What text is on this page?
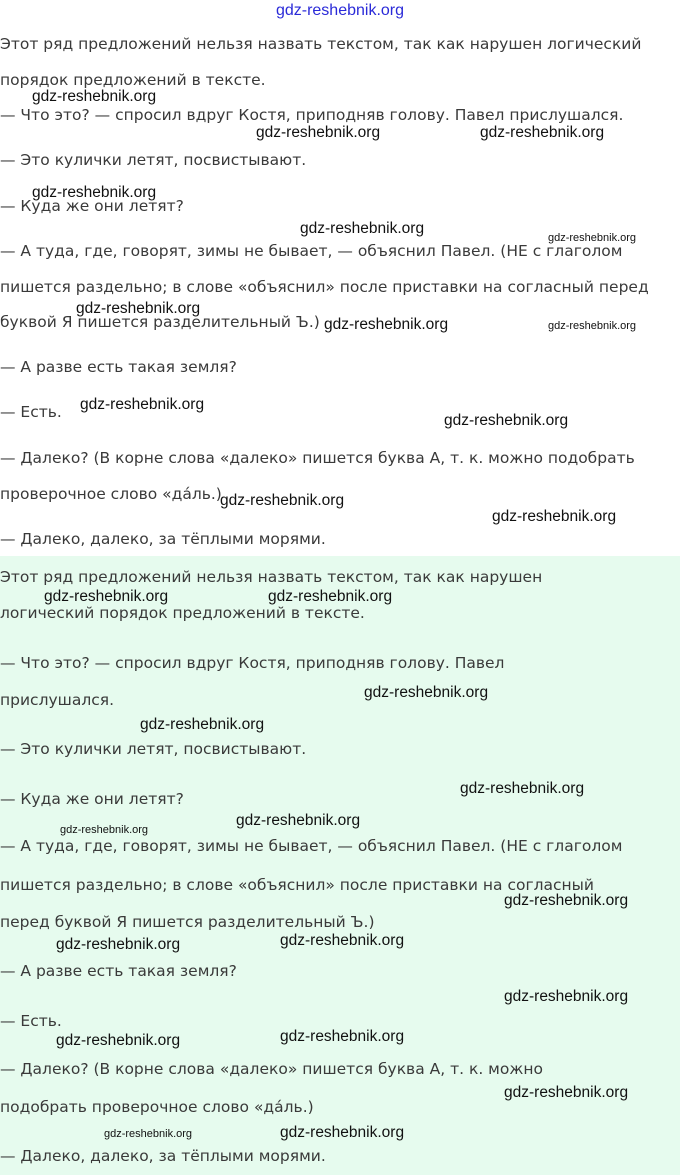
gdz-reshebnik.org
Этот ряд предложений нельзя назвать текстом, так как нарушен логический
порядок предложений в тексте.
— Что это? — спросил вдруг Костя, приподняв голову. Павел прислушался.
— Это кулички летят, посвистывают.
— Куда же они летят?
— А туда, где, говорят, зимы не бывает, — объяснил Павел. (НЕ с глаголом
пишется раздельно; в слове «объяснил» после приставки на согласный перед
буквой Я пишется разделительный Ъ.)
— А разве есть такая земля?
— Есть.
— Далеко? (В корне слова «далеко» пишется буква А, т. к. можно подобрать
проверочное слово «да́ль.)
— Далеко, далеко, за тёплыми морями.
Этот ряд предложений нельзя назвать текстом, так как нарушен
логический порядок предложений в тексте.
— Что это? — спросил вдруг Костя, приподняв голову. Павел
прислушался.
— Это кулички летят, посвистывают.
— Куда же они летят?
— А туда, где, говорят, зимы не бывает, — объяснил Павел. (НЕ с глаголом
пишется раздельно; в слове «объяснил» после приставки на согласный
перед буквой Я пишется разделительный Ъ.)
— А разве есть такая земля?
— Есть.
— Далеко? (В корне слова «далеко» пишется буква А, т. к. можно
подобрать проверочное слово «да́ль.)
— Далеко, далеко, за тёплыми морями.
gdz-reshebnik.org
gdz-reshebnik.org	gdz-reshebnik.org
gdz-reshebnik.org
gdz-reshebnik.org
gdz-reshebnik.org
gdz-reshebnik.org
gdz-reshebnik.org	gdz-reshebnik.org
gdz-reshebnik.org
gdz-reshebnik.org
gdz-reshebnik.org
gdz-reshebnik.org
gdz-reshebnik.org	gdz-reshebnik.org
gdz-reshebnik.org
gdz-reshebnik.org
gdz-reshebnik.org
gdz-reshebnik.org
gdz-reshebnik.org
gdz-reshebnik.org
gdz-reshebnik.org
gdz-reshebnik.org
gdz-reshebnik.org
gdz-reshebnik.org
gdz-reshebnik.org
gdz-reshebnik.org
gdz-reshebnik.org
gdz-reshebnik.org
